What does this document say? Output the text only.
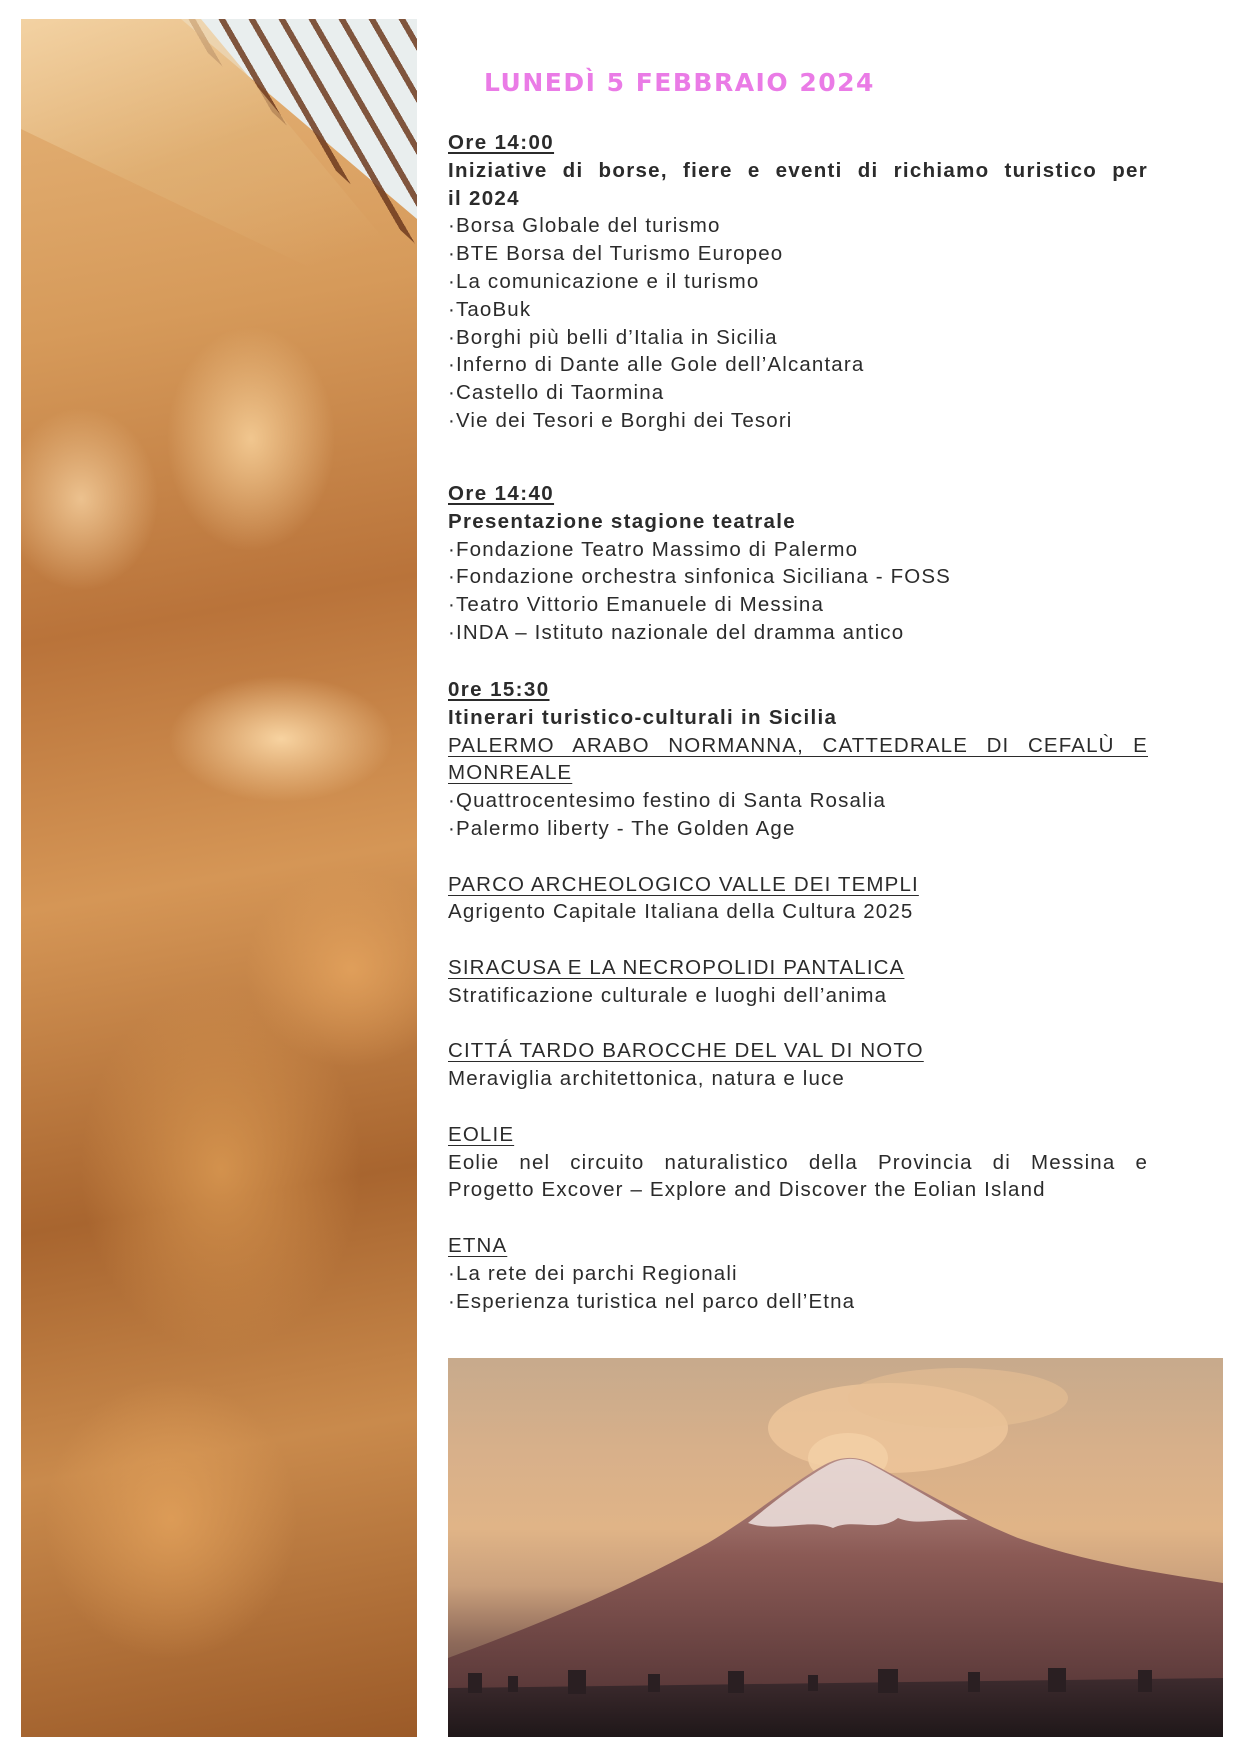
LUNEDÌ 5 FEBBRAIO 2024
Ore 14:00
Iniziative di borse, fiere e eventi di richiamo turistico per
il 2024
·Borsa Globale del turismo
·BTE Borsa del Turismo Europeo
·La comunicazione e il turismo
·TaoBuk
·Borghi più belli d’Italia in Sicilia
·Inferno di Dante alle Gole dell’Alcantara
·Castello di Taormina
·Vie dei Tesori e Borghi dei Tesori
Ore 14:40
Presentazione stagione teatrale
·Fondazione Teatro Massimo di Palermo
·Fondazione orchestra sinfonica Siciliana - FOSS
·Teatro Vittorio Emanuele di Messina
·INDA – Istituto nazionale del dramma antico
0re 15:30
Itinerari turistico-culturali in Sicilia
PALERMO ARABO NORMANNA, CATTEDRALE DI CEFALÙ E
MONREALE
·Quattrocentesimo festino di Santa Rosalia
·Palermo liberty - The Golden Age

PARCO ARCHEOLOGICO VALLE DEI TEMPLI
Agrigento Capitale Italiana della Cultura 2025

SIRACUSA E LA NECROPOLIDI PANTALICA
Stratificazione culturale e luoghi dell’anima

CITTÁ TARDO BAROCCHE DEL VAL DI NOTO
Meraviglia architettonica, natura e luce

EOLIE
Eolie nel circuito naturalistico della Provincia di Messina e
Progetto Excover – Explore and Discover the Eolian Island

ETNA
·La rete dei parchi Regionali
·Esperienza turistica nel parco dell’Etna
